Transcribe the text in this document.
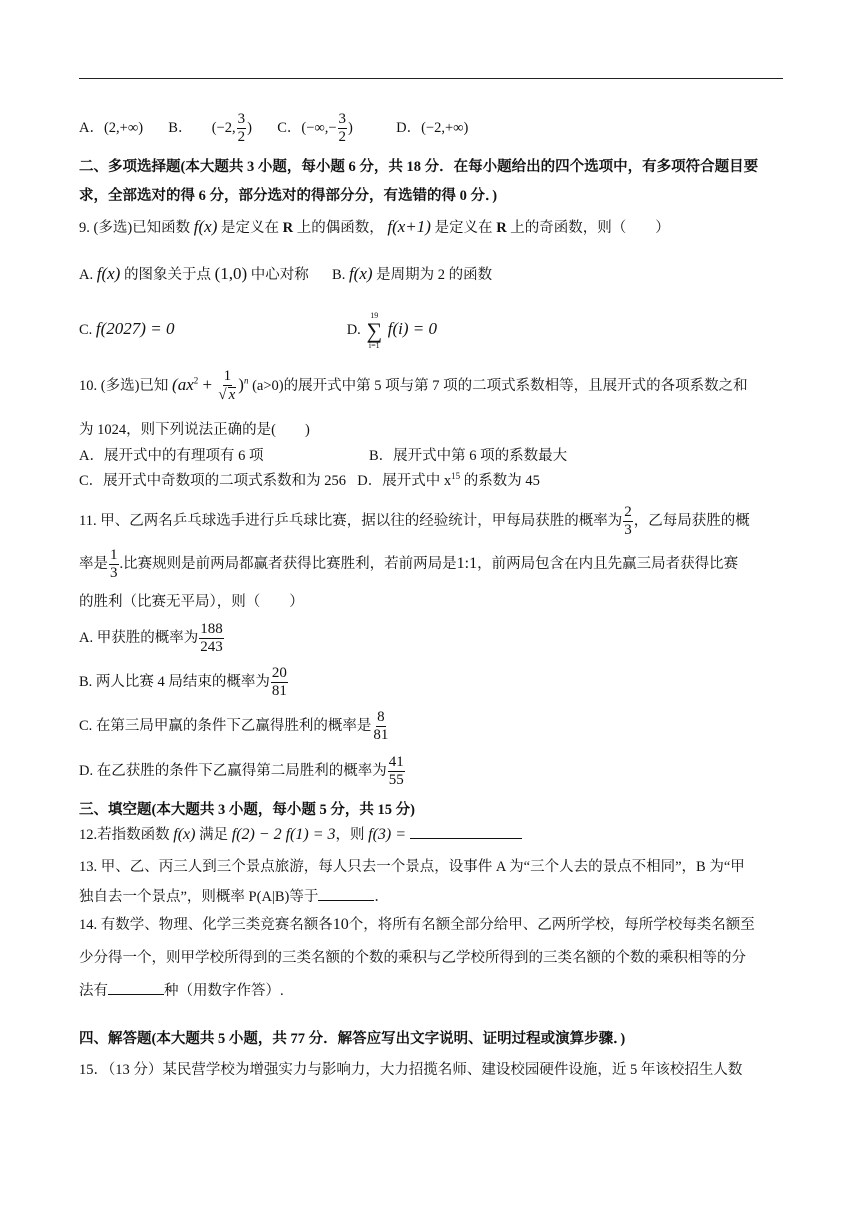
A．(2,+∞) B． (−2, $\frac{3}{2}$ ) C．(−∞,− $\frac{3}{2}$ )	D．(−2,+∞)
二、多项选择题(本大题共 3 小题，每小题 6 分，共 18 分．在每小题给出的四个选项中，有多项符合题目要
求，全部选对的得 6 分，部分选对的得部分分，有选错的得 0 分．)
9. (多选)已知函数 f(x) 是定义在 R 上的偶函数， f(x+1) 是定义在 R 上的奇函数，则（　　）
A. f(x) 的图象关于点 (1,0) 中心对称 B. f(x) 是周期为 2 的函数
C. f(2027) = 0	D.
19
∑
i=1
f(i) = 0
10. (多选)已知 $(ax^2 + \frac{1}{√ x} )^n$ (a>0)的展开式中第 5 项与第 7 项的二项式系数相等，且展开式的各项系数之和
为 1024，则下列说法正确的是(　　)
A．展开式中的有理项有 6 项	B．展开式中第 6 项的系数最大
C．展开式中奇数项的二项式系数和为 256 D．展开式中 $x^{15}$ 的系数为 45
11. 甲、乙两名乒乓球选手进行乒乓球比赛，据以往的经验统计，甲每局获胜的概率为 $\frac{2}{3}$ ，乙每局获胜的概
率是 $\frac{1}{3}$ .比赛规则是前两局都赢者获得比赛胜利，若前两局是1:1，前两局包含在内且先赢三局者获得比赛
的胜利（比赛无平局），则（　　）
A. 甲获胜的概率为 $\frac{188}{243}$
B. 两人比赛 4 局结束的概率为 $\frac{20}{81}$
C. 在第三局甲赢的条件下乙赢得胜利的概率是 $\frac{8}{81}$
D. 在乙获胜的条件下乙赢得第二局胜利的概率为 $\frac{41}{55}$
三、填空题(本大题共 3 小题，每小题 5 分，共 15 分)
12.若指数函数 f(x) 满足 f(2) − 2 f(1) = 3，则 f(3) =
13. 甲、乙、丙三人到三个景点旅游，每人只去一个景点，设事件 A 为“三个人去的景点不相同”，B 为“甲
独自去一个景点”，则概率 P(A|B)等于	．
14. 有数学、物理、化学三类竞赛名额各10个，将所有名额全部分给甲、乙两所学校，每所学校每类名额至
少分得一个，则甲学校所得到的三类名额的个数的乘积与乙学校所得到的三类名额的个数的乘积相等的分
法有	种（用数字作答）.
四、解答题(本大题共 5 小题，共 77 分．解答应写出文字说明、证明过程或演算步骤．)
15．（13 分）某民营学校为增强实力与影响力，大力招揽名师、建设校园硬件设施，近 5 年该校招生人数
